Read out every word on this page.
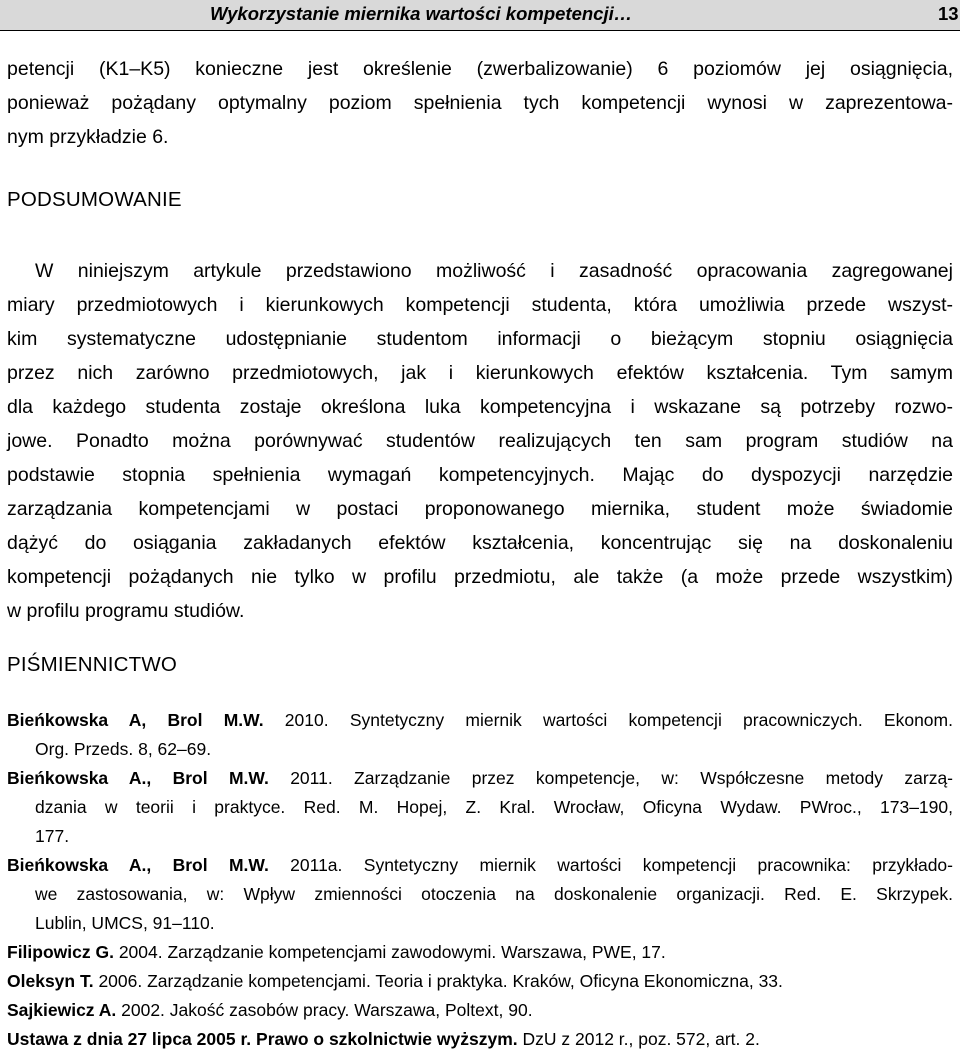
Wykorzystanie miernika wartości kompetencji…	13
petencji (K1–K5) konieczne jest określenie (zwerbalizowanie) 6 poziomów jej osiągnięcia,
ponieważ pożądany optymalny poziom spełnienia tych kompetencji wynosi w zaprezentowa-
nym przykładzie 6.
PODSUMOWANIE
W niniejszym artykule przedstawiono możliwość i zasadność opracowania zagregowanej
miary przedmiotowych i kierunkowych kompetencji studenta, która umożliwia przede wszyst-
kim systematyczne udostępnianie studentom informacji o bieżącym stopniu osiągnięcia
przez nich zarówno przedmiotowych, jak i kierunkowych efektów kształcenia. Tym samym
dla każdego studenta zostaje określona luka kompetencyjna i wskazane są potrzeby rozwo-
jowe. Ponadto można porównywać studentów realizujących ten sam program studiów na
podstawie stopnia spełnienia wymagań kompetencyjnych. Mając do dyspozycji narzędzie
zarządzania kompetencjami w postaci proponowanego miernika, student może świadomie
dążyć do osiągania zakładanych efektów kształcenia, koncentrując się na doskonaleniu
kompetencji pożądanych nie tylko w profilu przedmiotu, ale także (a może przede wszystkim)
w profilu programu studiów.
PIŚMIENNICTWO
Bieńkowska A, Brol M.W. 2010. Syntetyczny miernik wartości kompetencji pracowniczych. Ekonom.
Org. Przeds. 8, 62–69.
Bieńkowska A., Brol M.W. 2011. Zarządzanie przez kompetencje, w: Współczesne metody zarzą-
dzania w teorii i praktyce. Red. M. Hopej, Z. Kral. Wrocław, Oficyna Wydaw. PWroc., 173–190,
177.
Bieńkowska A., Brol M.W. 2011a. Syntetyczny miernik wartości kompetencji pracownika: przykłado-
we zastosowania, w: Wpływ zmienności otoczenia na doskonalenie organizacji. Red. E. Skrzypek.
Lublin, UMCS, 91–110.
Filipowicz G. 2004. Zarządzanie kompetencjami zawodowymi. Warszawa, PWE, 17.
Oleksyn T. 2006. Zarządzanie kompetencjami. Teoria i praktyka. Kraków, Oficyna Ekonomiczna, 33.
Sajkiewicz A. 2002. Jakość zasobów pracy. Warszawa, Poltext, 90.
Ustawa z dnia 27 lipca 2005 r. Prawo o szkolnictwie wyższym. DzU z 2012 r., poz. 572, art. 2.
